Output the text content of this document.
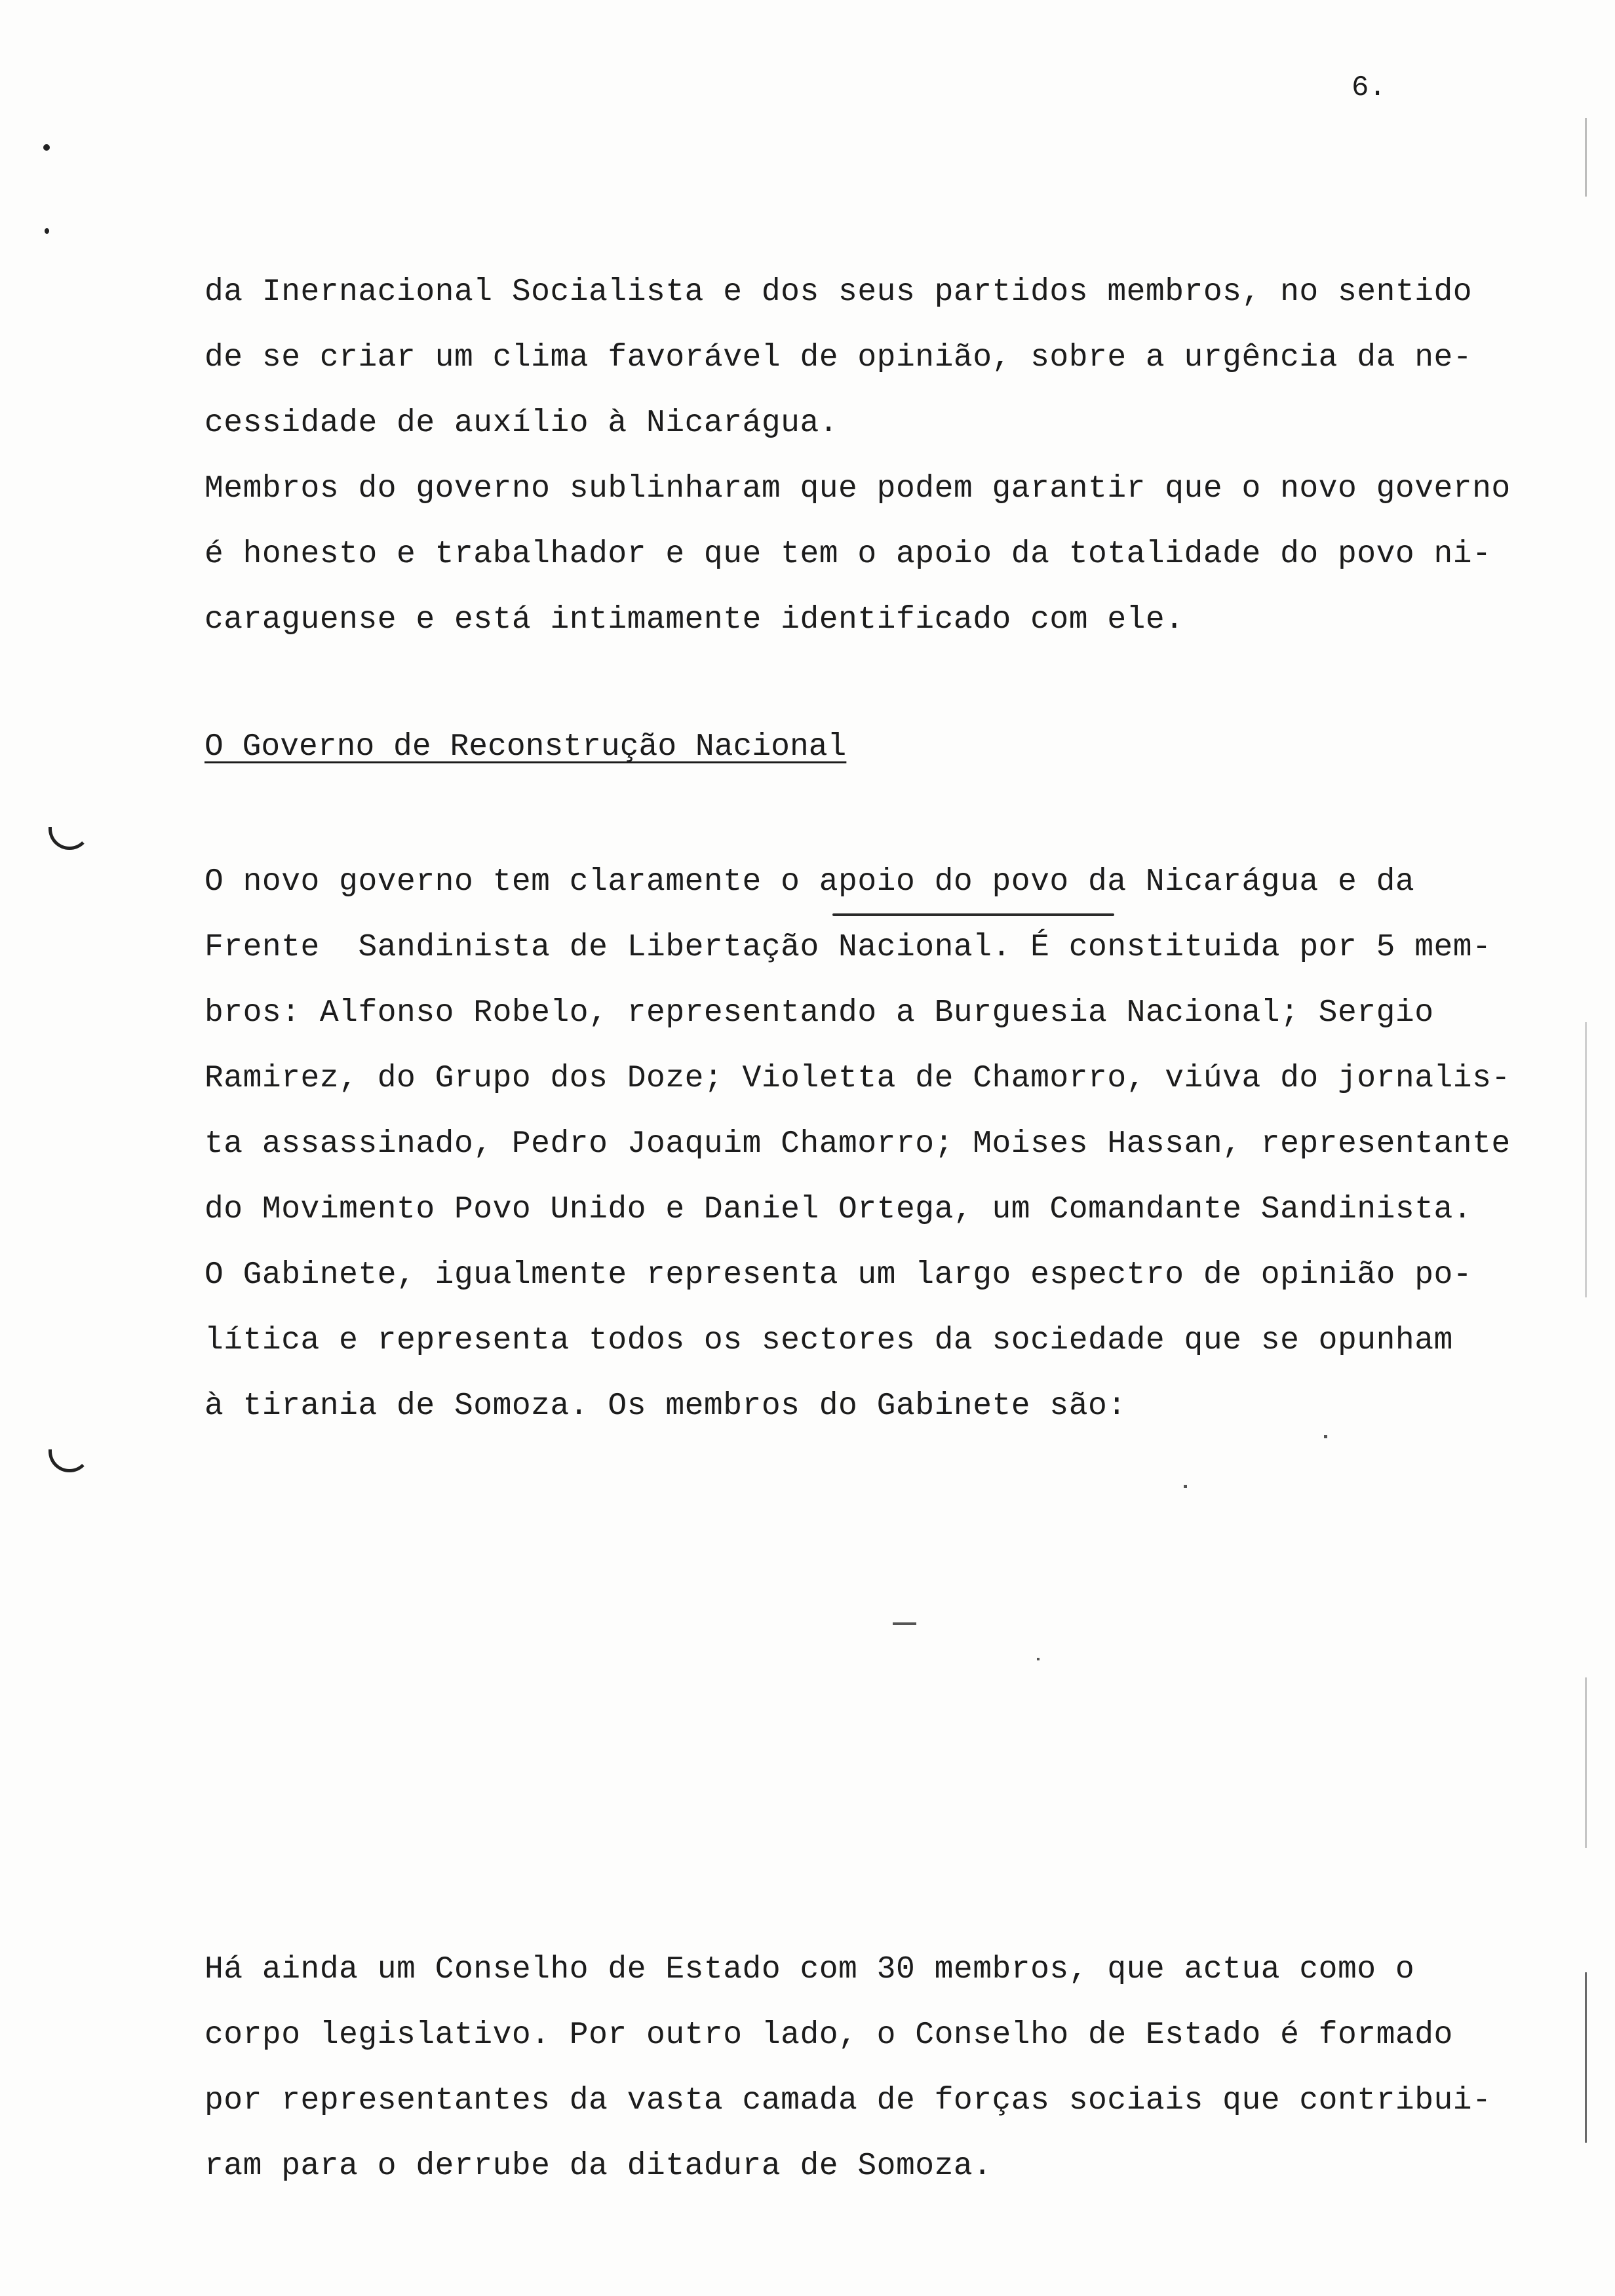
6.
da Inernacional Socialista e dos seus partidos membros, no sentido
de se criar um clima favorável de opinião, sobre a urgência da ne-
cessidade de auxílio à Nicarágua.
Membros do governo sublinharam que podem garantir que o novo governo
é honesto e trabalhador e que tem o apoio da totalidade do povo ni-
caraguense e está intimamente identificado com ele.
O Governo de Reconstrução Nacional
O novo governo tem claramente o apoio do povo da Nicarágua e da
Frente  Sandinista de Libertação Nacional. É constituida por 5 mem-
bros: Alfonso Robelo, representando a Burguesia Nacional; Sergio
Ramirez, do Grupo dos Doze; Violetta de Chamorro, viúva do jornalis-
ta assassinado, Pedro Joaquim Chamorro; Moises Hassan, representante
do Movimento Povo Unido e Daniel Ortega, um Comandante Sandinista.
O Gabinete, igualmente representa um largo espectro de opinião po-
lítica e representa todos os sectores da sociedade que se opunham
à tirania de Somoza. Os membros do Gabinete são:
Há ainda um Conselho de Estado com 30 membros, que actua como o
corpo legislativo. Por outro lado, o Conselho de Estado é formado
por representantes da vasta camada de forças sociais que contribui-
ram para o derrube da ditadura de Somoza.
